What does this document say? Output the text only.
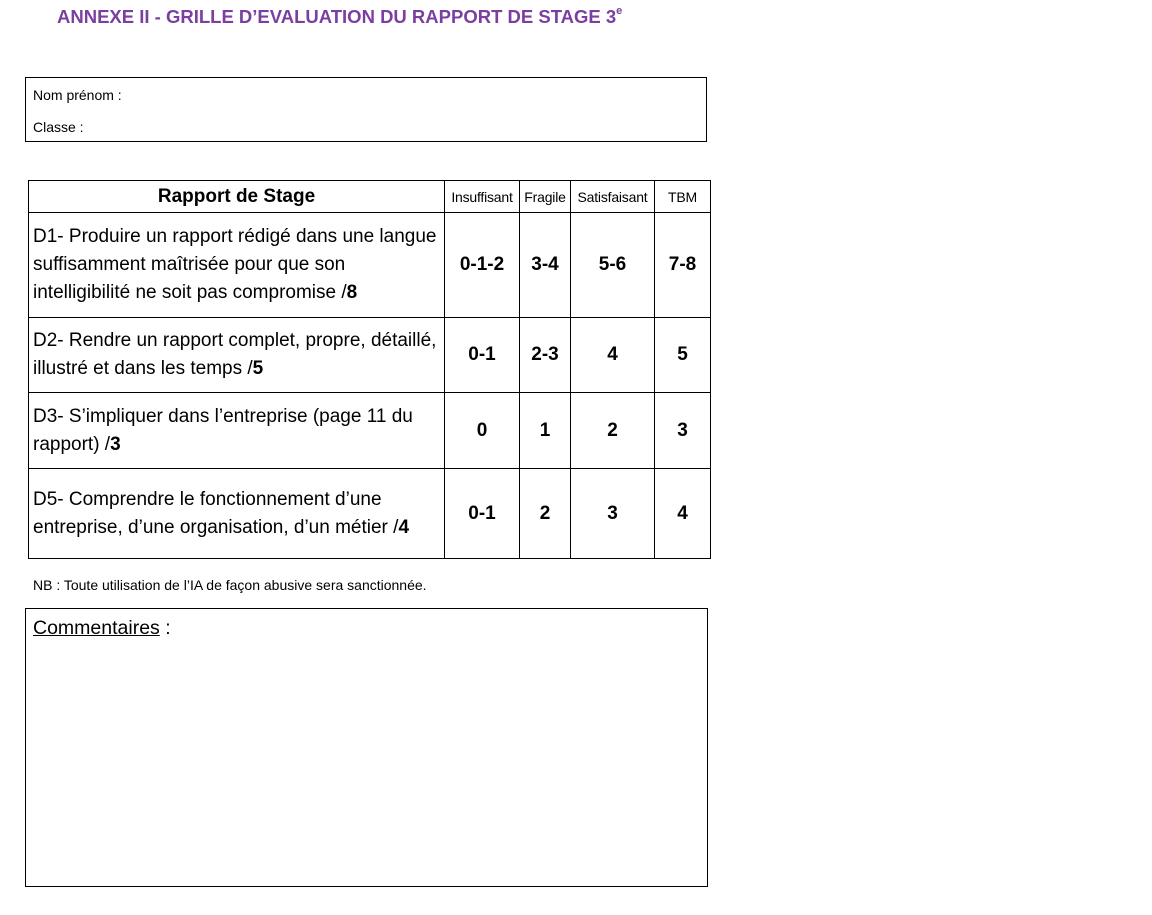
ANNEXE II - GRILLE D’EVALUATION DU RAPPORT DE STAGE 3e
Nom prénom :
Classe :
Rapport de Stage	Insuffisant	Fragile	Satisfaisant	TBM
D1- Produire un rapport rédigé dans une langue suffisamment maîtrisée pour que son intelligibilité ne soit pas compromise /8	0-1-2	3-4	5-6	7-8
D2- Rendre un rapport complet, propre, détaillé, illustré et dans les temps /5	0-1	2-3	4	5
D3- S’impliquer dans l’entreprise (page 11 du rapport) /3	0	1	2	3
D5- Comprendre le fonctionnement d’une entreprise, d’une organisation, d’un métier /4	0-1	2	3	4
NB : Toute utilisation de l’IA de façon abusive sera sanctionnée.
Commentaires :
